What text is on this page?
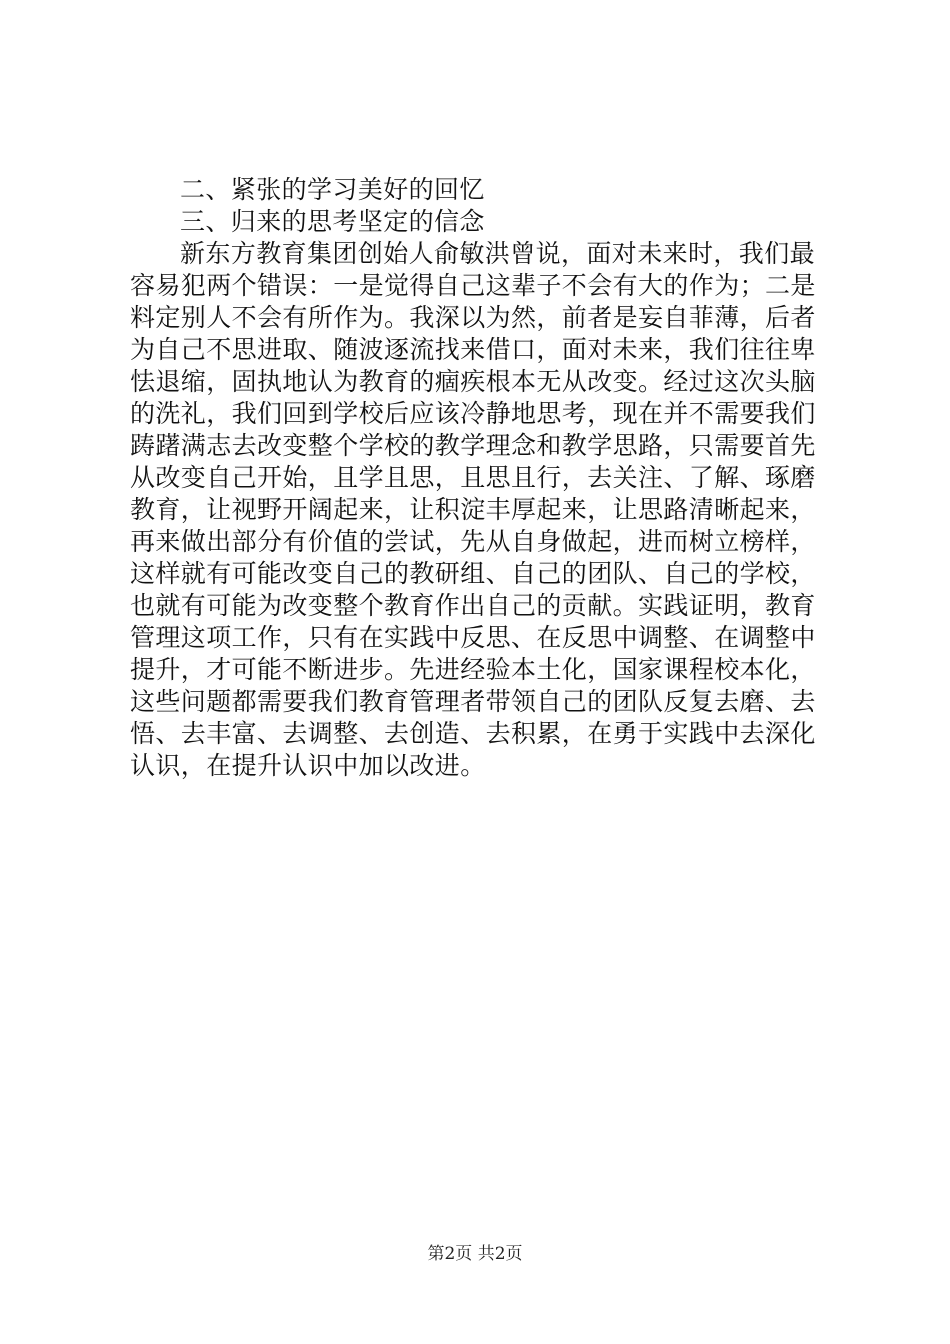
二、紧张的学习美好的回忆
三、归来的思考坚定的信念
新东方教育集团创始人俞敏洪曾说，面对未来时，我们最
容易犯两个错误：一是觉得自己这辈子不会有大的作为；二是
料定别人不会有所作为。我深以为然，前者是妄自菲薄，后者
为自己不思进取、随波逐流找来借口，面对未来，我们往往卑
怯退缩，固执地认为教育的痼疾根本无从改变。经过这次头脑
的洗礼，我们回到学校后应该冷静地思考，现在并不需要我们
踌躇满志去改变整个学校的教学理念和教学思路，只需要首先
从改变自己开始，且学且思，且思且行，去关注、了解、琢磨
教育，让视野开阔起来，让积淀丰厚起来，让思路清晰起来，
再来做出部分有价值的尝试，先从自身做起，进而树立榜样，
这样就有可能改变自己的教研组、自己的团队、自己的学校，
也就有可能为改变整个教育作出自己的贡献。实践证明，教育
管理这项工作，只有在实践中反思、在反思中调整、在调整中
提升，才可能不断进步。先进经验本土化，国家课程校本化，
这些问题都需要我们教育管理者带领自己的团队反复去磨、去
悟、去丰富、去调整、去创造、去积累，在勇于实践中去深化
认识，在提升认识中加以改进。
第2页 共2页
